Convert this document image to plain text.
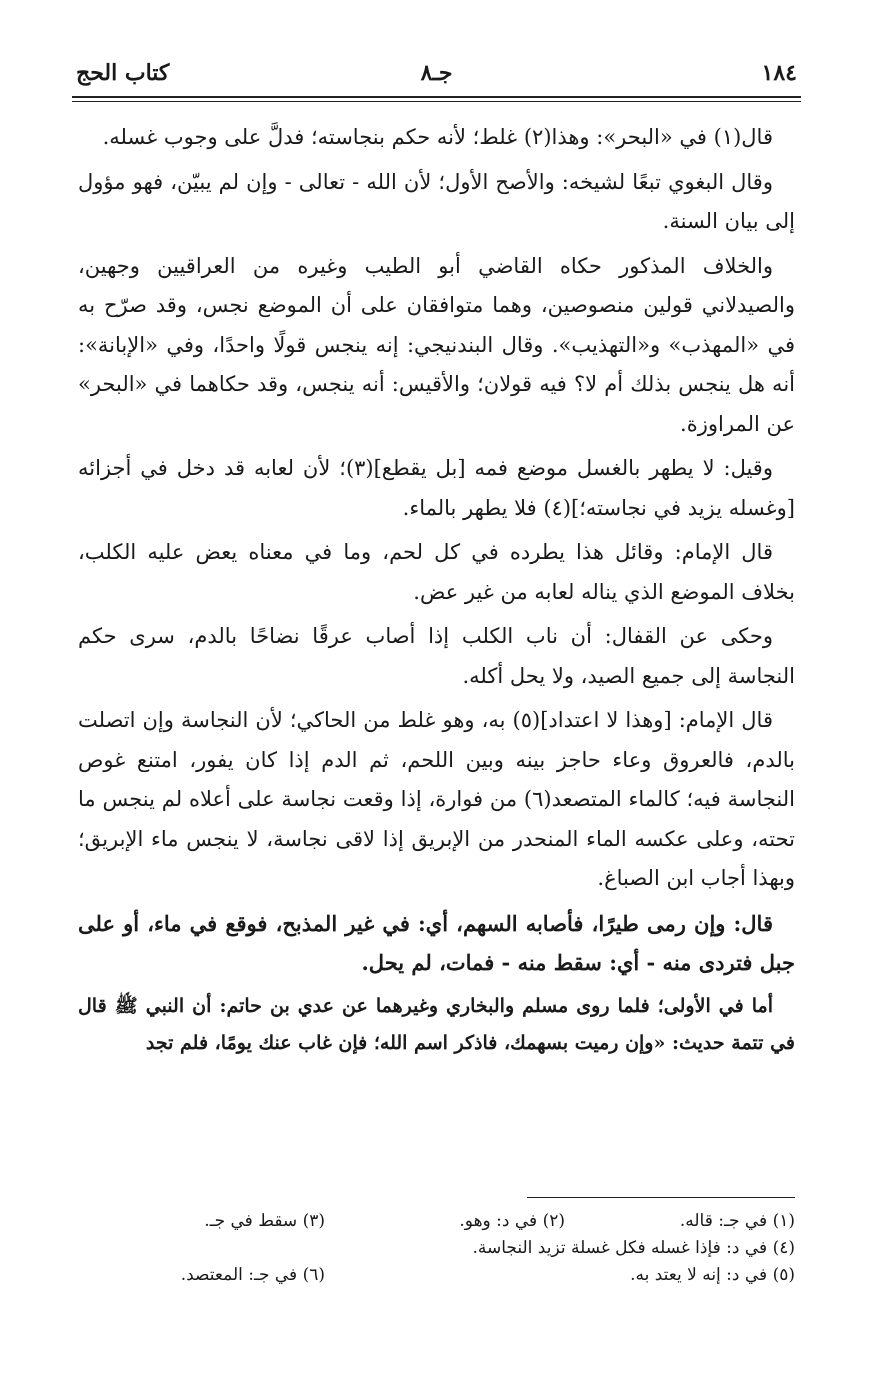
١٨٤
جـ٨
كتاب الحج

قال(١) في «البحر»: وهذا(٢) غلط؛ لأنه حكم بنجاسته؛ فدلَّ على وجوب غسله.

وقال البغوي تبعًا لشيخه: والأصح الأول؛ لأن الله - تعالى - وإن لم يبيّن، فهو مؤول إلى بيان السنة.

والخلاف المذكور حكاه القاضي أبو الطيب وغيره من العراقيين وجهين، والصيدلاني قولين منصوصين، وهما متوافقان على أن الموضع نجس، وقد صرّح به في «المهذب» و«التهذيب». وقال البندنيجي: إنه ينجس قولًا واحدًا، وفي «الإبانة»: أنه هل ينجس بذلك أم لا؟ فيه قولان؛ والأقيس: أنه ينجس، وقد حكاهما في «البحر» عن المراوزة.

وقيل: لا يطهر بالغسل موضع فمه [بل يقطع](٣)؛ لأن لعابه قد دخل في أجزائه [وغسله يزيد في نجاسته؛](٤) فلا يطهر بالماء.

قال الإمام: وقائل هذا يطرده في كل لحم، وما في معناه يعض عليه الكلب، بخلاف الموضع الذي يناله لعابه من غير عض.

وحكى عن القفال: أن ناب الكلب إذا أصاب عرقًا نضاحًا بالدم، سرى حكم النجاسة إلى جميع الصيد، ولا يحل أكله.

قال الإمام: [وهذا لا اعتداد](٥) به، وهو غلط من الحاكي؛ لأن النجاسة وإن اتصلت بالدم، فالعروق وعاء حاجز بينه وبين اللحم، ثم الدم إذا كان يفور، امتنع غوص النجاسة فيه؛ كالماء المتصعد(٦) من فوارة، إذا وقعت نجاسة على أعلاه لم ينجس ما تحته، وعلى عكسه الماء المنحدر من الإبريق إذا لاقى نجاسة، لا ينجس ماء الإبريق؛ وبهذا أجاب ابن الصباغ.

قال: وإن رمى طيرًا، فأصابه السهم، أي: في غير المذبح، فوقع في ماء، أو على جبل فتردى منه - أي: سقط منه - فمات، لم يحل.

أما في الأولى؛ فلما روى مسلم والبخاري وغيرهما عن عدي بن حاتم: أن النبي ﷺ قال في تتمة حديث: «وإن رميت بسهمك، فاذكر اسم الله؛ فإن غاب عنك يومًا، فلم تجد

(١) في جـ: قاله.
(٢) في د: وهو.
(٣) سقط في جـ.
(٤) في د: فإذا غسله فكل غسلة تزيد النجاسة.
(٥) في د: إنه لا يعتد به.
(٦) في جـ: المعتصد.
